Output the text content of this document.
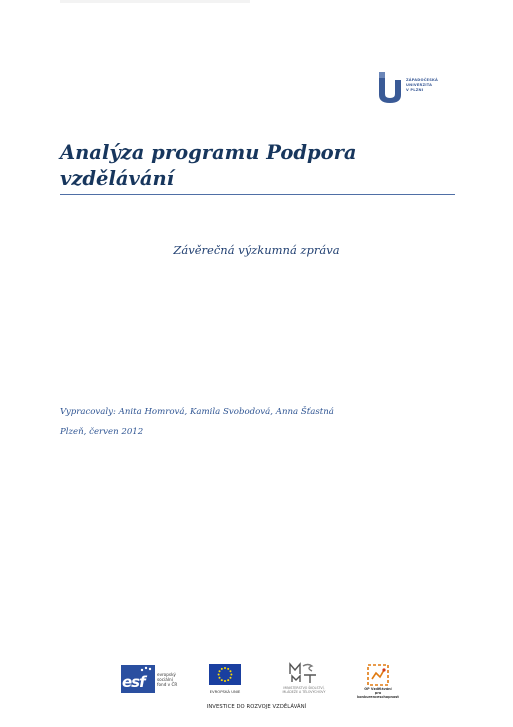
ZÁPADOČESKÁ
UNIVERZITA
V PLZNI
Analýza programu Podpora
vzdělávání
Závěrečná výzkumná zpráva
Vypracovaly: Anita Homrová, Kamila Svobodová, Anna Šťastná
Plzeň, červen 2012
esf	evropský
sociální
fond v ČR
EVROPSKÁ UNIE
MINISTERSTVO ŠKOLSTVÍ,
MLÁDEŽE A TĚLOVÝCHOVY
OP Vzdělávání
pro konkurenceschopnost
INVESTICE DO ROZVOJE VZDĚLÁVÁNÍ
